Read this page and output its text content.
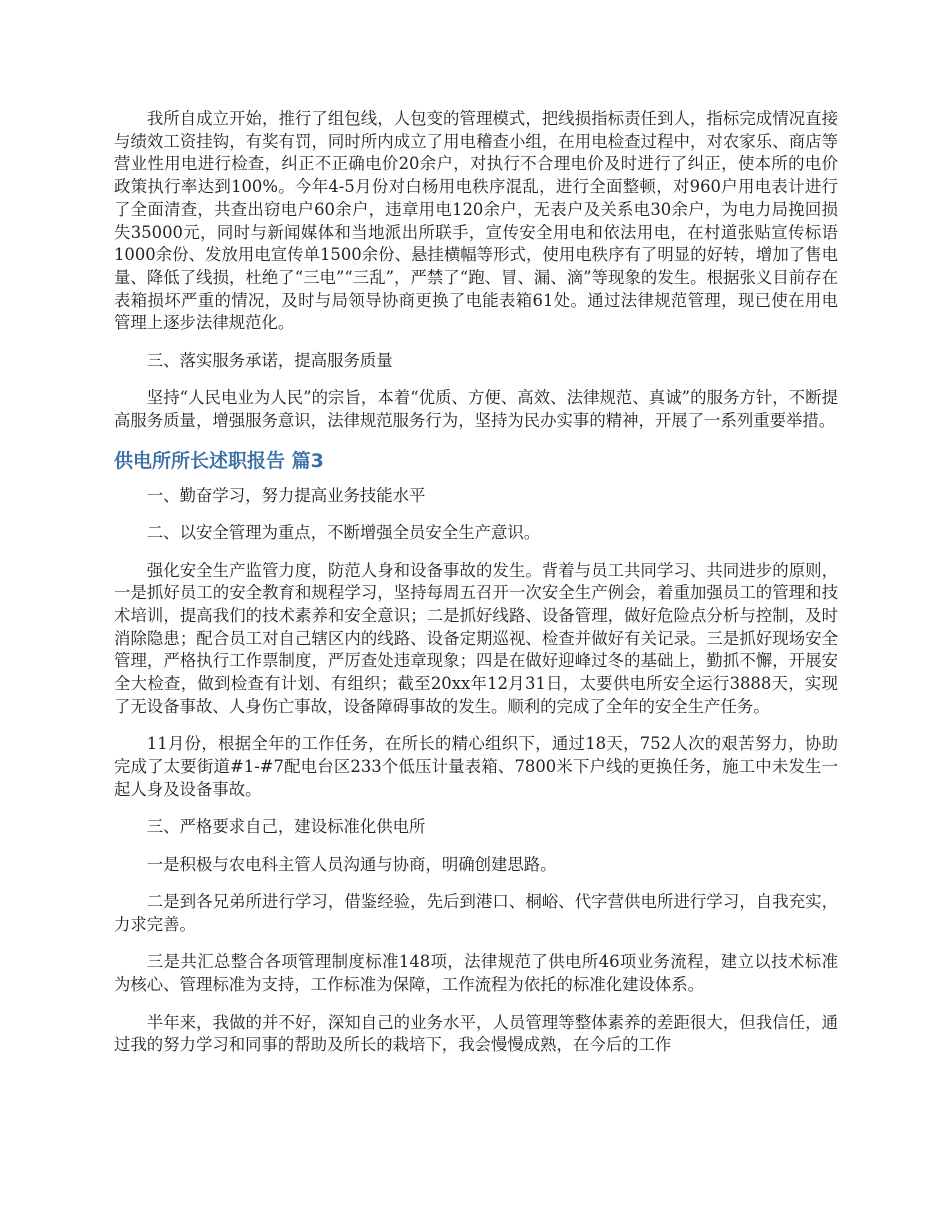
我所自成立开始，推行了组包线，人包变的管理模式，把线损指标责任到人，指标完成情况直接与绩效工资挂钩，有奖有罚，同时所内成立了用电稽查小组，在用电检查过程中，对农家乐、商店等营业性用电进行检查，纠正不正确电价20余户，对执行不合理电价及时进行了纠正，使本所的电价政策执行率达到100%。今年4-5月份对白杨用电秩序混乱，进行全面整顿，对960户用电表计进行了全面清查，共查出窃电户60余户，违章用电120余户，无表户及关系电30余户，为电力局挽回损失35000元，同时与新闻媒体和当地派出所联手，宣传安全用电和依法用电，在村道张贴宣传标语1000余份、发放用电宣传单1500余份、悬挂横幅等形式，使用电秩序有了明显的好转，增加了售电量、降低了线损，杜绝了“三电”“三乱”，严禁了“跑、冒、漏、滴”等现象的发生。根据张义目前存在表箱损坏严重的情况，及时与局领导协商更换了电能表箱61处。通过法律规范管理，现已使在用电管理上逐步法律规范化。

三、落实服务承诺，提高服务质量

坚持“人民电业为人民”的宗旨，本着“优质、方便、高效、法律规范、真诚”的服务方针，不断提高服务质量，增强服务意识，法律规范服务行为，坚持为民办实事的精神，开展了一系列重要举措。

供电所所长述职报告 篇3

一、勤奋学习，努力提高业务技能水平

二、以安全管理为重点，不断增强全员安全生产意识。

强化安全生产监管力度，防范人身和设备事故的发生。背着与员工共同学习、共同进步的原则，一是抓好员工的安全教育和规程学习，坚持每周五召开一次安全生产例会，着重加强员工的管理和技术培训，提高我们的技术素养和安全意识；二是抓好线路、设备管理，做好危险点分析与控制，及时消除隐患；配合员工对自己辖区内的线路、设备定期巡视、检查并做好有关记录。三是抓好现场安全管理，严格执行工作票制度，严厉查处违章现象；四是在做好迎峰过冬的基础上，勤抓不懈，开展安全大检查，做到检查有计划、有组织；截至20xx年12月31日，太要供电所安全运行3888天，实现了无设备事故、人身伤亡事故，设备障碍事故的发生。顺利的完成了全年的安全生产任务。

11月份，根据全年的工作任务，在所长的精心组织下，通过18天，752人次的艰苦努力，协助完成了太要街道#1-#7配电台区233个低压计量表箱、7800米下户线的更换任务，施工中未发生一起人身及设备事故。

三、严格要求自己，建设标准化供电所

一是积极与农电科主管人员沟通与协商，明确创建思路。

二是到各兄弟所进行学习，借鉴经验，先后到港口、桐峪、代字营供电所进行学习，自我充实，力求完善。

三是共汇总整合各项管理制度标准148项，法律规范了供电所46项业务流程，建立以技术标准为核心、管理标准为支持，工作标准为保障，工作流程为依托的标准化建设体系。

半年来，我做的并不好，深知自己的业务水平，人员管理等整体素养的差距很大，但我信任，通过我的努力学习和同事的帮助及所长的栽培下，我会慢慢成熟，在今后的工作
